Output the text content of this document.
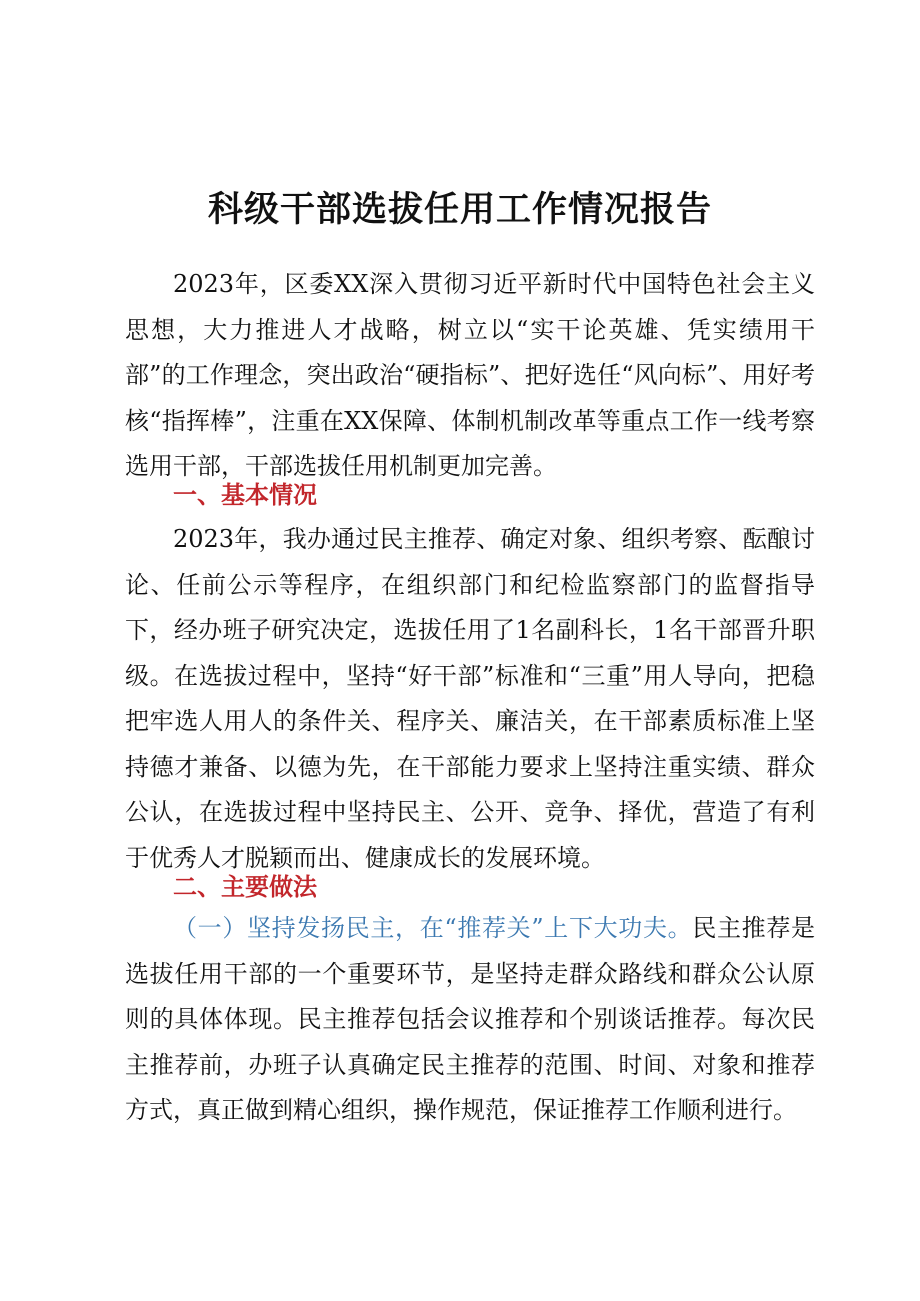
科级干部选拔任用工作情况报告

2023年，区委XX深入贯彻习近平新时代中国特色社会主义思想，大力推进人才战略，树立以“实干论英雄、凭实绩用干部”的工作理念，突出政治“硬指标”、把好选任“风向标”、用好考核“指挥棒”，注重在XX保障、体制机制改革等重点工作一线考察选用干部，干部选拔任用机制更加完善。

一、基本情况

2023年，我办通过民主推荐、确定对象、组织考察、酝酿讨论、任前公示等程序，在组织部门和纪检监察部门的监督指导下，经办班子研究决定，选拔任用了1名副科长，1名干部晋升职级。在选拔过程中，坚持“好干部”标准和“三重”用人导向，把稳把牢选人用人的条件关、程序关、廉洁关，在干部素质标准上坚持德才兼备、以德为先，在干部能力要求上坚持注重实绩、群众公认，在选拔过程中坚持民主、公开、竞争、择优，营造了有利于优秀人才脱颖而出、健康成长的发展环境。

二、主要做法

（一）坚持发扬民主，在“推荐关”上下大功夫。民主推荐是选拔任用干部的一个重要环节，是坚持走群众路线和群众公认原则的具体体现。民主推荐包括会议推荐和个别谈话推荐。每次民主推荐前，办班子认真确定民主推荐的范围、时间、对象和推荐方式，真正做到精心组织，操作规范，保证推荐工作顺利进行。
